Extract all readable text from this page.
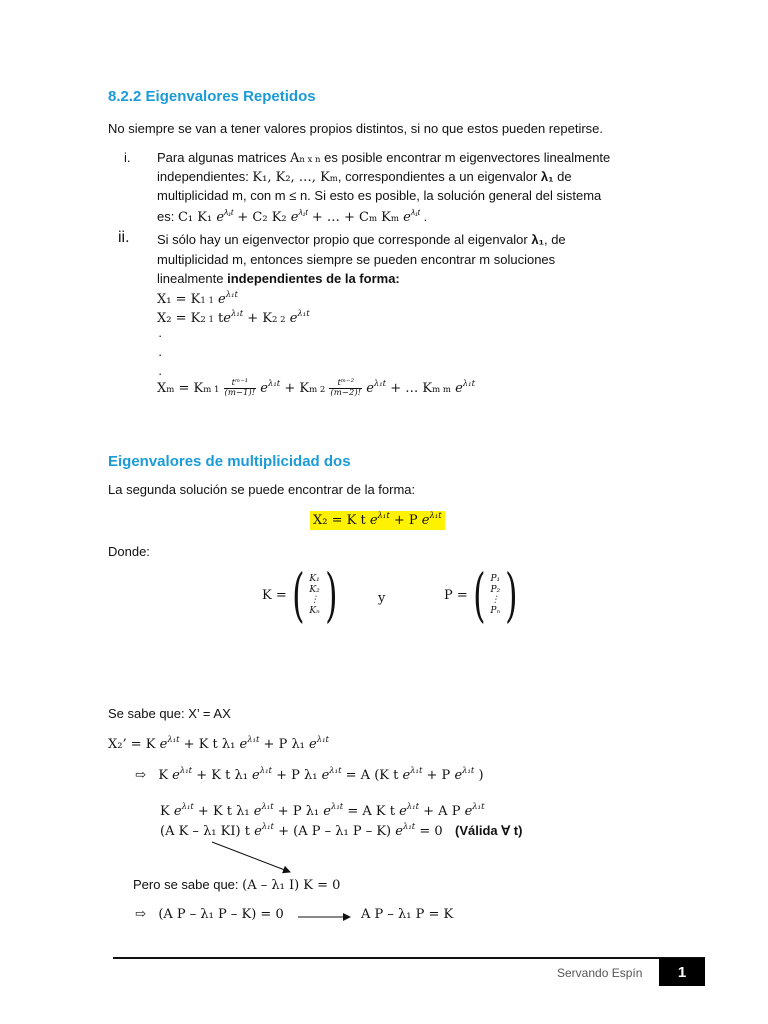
8.2.2 Eigenvalores Repetidos
No siempre se van a tener valores propios distintos, si no que estos pueden repetirse.
i. Para algunas matrices An x n es posible encontrar m eigenvectores linealmente
independientes: K₁, K₂, …, Km, correspondientes a un eigenvalor λ₁ de
multiplicidad m, con m ≤ n. Si esto es posible, la solución general del sistema
es: C₁ K₁ $e^{\lambda_1t} + C_2$ K₂ $e^{\lambda_1t}$ + … + Cm Km $e^{\lambda_1t}$ .
ii. Si sólo hay un eigenvector propio que corresponde al eigenvalor λ₁, de
multiplicidad m, entonces siempre se pueden encontrar m soluciones
linealmente independientes de la forma:
X₁ = K1 1 $e^{\lambda_1t}$
X₂ = K2 1 $te^{\lambda_1t} + K2$ 2 $e^{\lambda_1t}$
·
·
·
Xm = Km $1 \frac{\text{tᵐ⁻¹}}{(m-1)!} e^{\lambda_1t} + Km$ $2 \frac{\text{tᵐ⁻²}}{(m-2)!} e^{\lambda_1t}$ + … Km m $e^{\lambda_1t}$
Eigenvalores de multiplicidad dos
La segunda solución se puede encontrar de la forma:
X₂ = K t $e^{\lambda_1t} + P$ $e^{\lambda_1t}$
Donde:
K = ( K₁
K₂
⋮
Kₙ )	y	P = ( P₁
P₂
⋮
Pₙ )
Se sabe que: X’ = AX
X₂’ = K $e^{\lambda_1t} + K$ t λ₁ $e^{\lambda_1t} + P$ λ₁ $e^{\lambda_1t}$
⇨ K $e^{\lambda_1t} + K$ t λ₁ $e^{\lambda_1t} + P$ λ₁ $e^{\lambda_1t} = A$ (K t $e^{\lambda_1t} + P$ $e^{\lambda_1t}$ )
K $e^{\lambda_1t} + K$ t λ₁ $e^{\lambda_1t} + P$ λ₁ $e^{\lambda_1t} = A$ K t $e^{\lambda_1t} + A$ P $e^{\lambda_1t}$
(A K – λ₁ KI) t $e^{\lambda_1t} + (A$ P – λ₁ P – K) $e^{\lambda_1t} = 0$ (Válida ∀ t)
Pero se sabe que: (A – λ₁ I) K = 0
⇨ (A P – λ₁ P – K) = 0	A P – λ₁ P = K
Servando Espín	1
